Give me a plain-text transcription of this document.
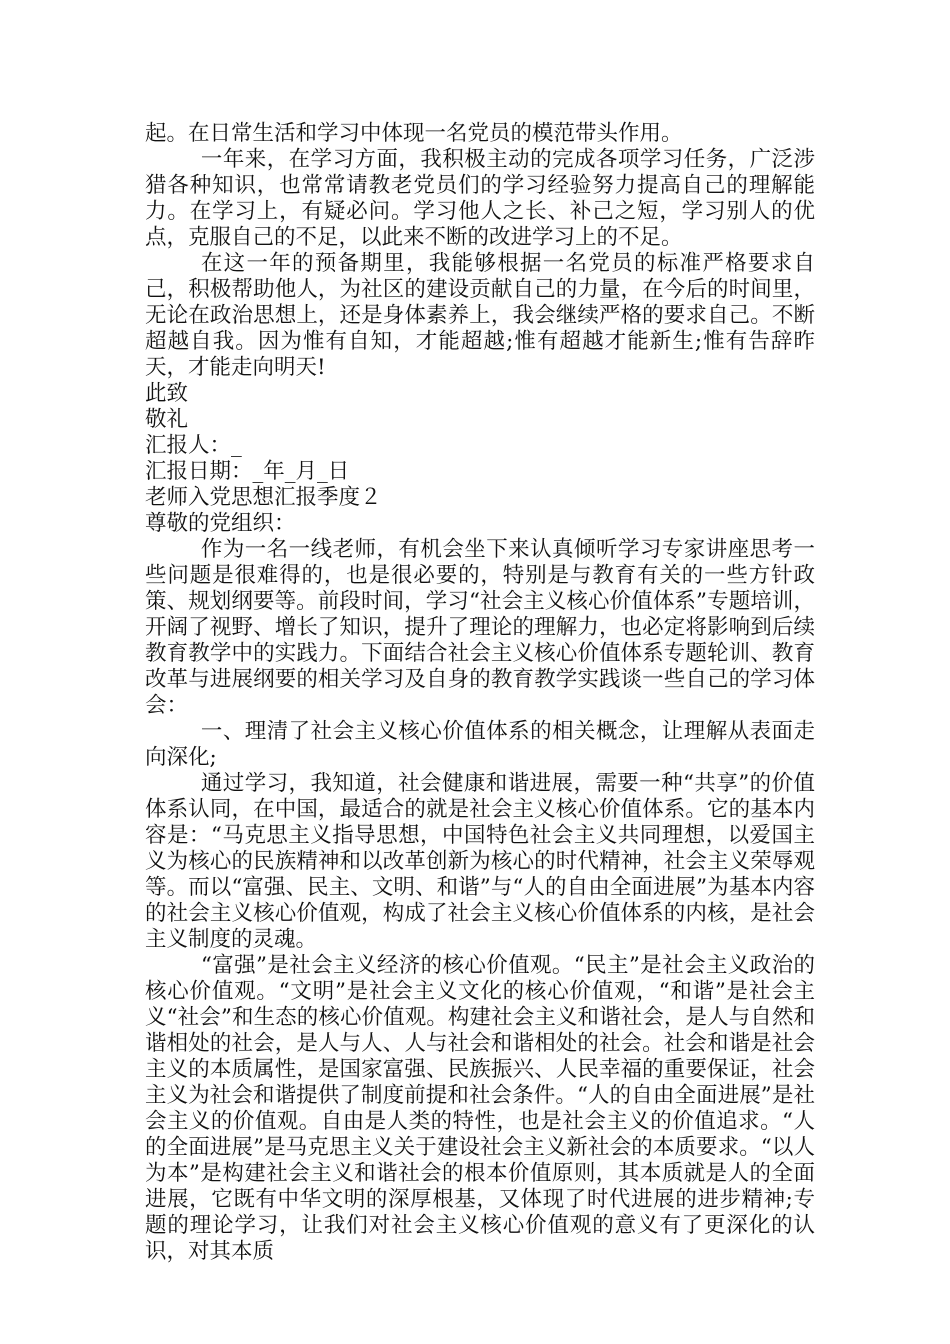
起。在日常生活和学习中体现一名党员的模范带头作用。

一年来，在学习方面，我积极主动的完成各项学习任务，广泛涉猎各种知识，也常常请教老党员们的学习经验努力提高自己的理解能力。在学习上，有疑必问。学习他人之长、补己之短，学习别人的优点，克服自己的不足，以此来不断的改进学习上的不足。

在这一年的预备期里，我能够根据一名党员的标准严格要求自己，积极帮助他人，为社区的建设贡献自己的力量，在今后的时间里，无论在政治思想上，还是身体素养上，我会继续严格的要求自己。不断超越自我。因为惟有自知，才能超越;惟有超越才能新生;惟有告辞昨天，才能走向明天!

此致

敬礼

汇报人：_

汇报日期：_年_月_日

老师入党思想汇报季度２

尊敬的党组织：

作为一名一线老师，有机会坐下来认真倾听学习专家讲座思考一些问题是很难得的，也是很必要的，特别是与教育有关的一些方针政策、规划纲要等。前段时间，学习“社会主义核心价值体系”专题培训，开阔了视野、增长了知识，提升了理论的理解力，也必定将影响到后续教育教学中的实践力。下面结合社会主义核心价值体系专题轮训、教育改革与进展纲要的相关学习及自身的教育教学实践谈一些自己的学习体会：

一、理清了社会主义核心价值体系的相关概念，让理解从表面走向深化;

通过学习，我知道，社会健康和谐进展，需要一种“共享”的价值体系认同，在中国，最适合的就是社会主义核心价值体系。它的基本内容是：“马克思主义指导思想，中国特色社会主义共同理想，以爱国主义为核心的民族精神和以改革创新为核心的时代精神，社会主义荣辱观等。而以“富强、民主、文明、和谐”与“人的自由全面进展”为基本内容的社会主义核心价值观，构成了社会主义核心价值体系的内核，是社会主义制度的灵魂。

“富强”是社会主义经济的核心价值观。“民主”是社会主义政治的核心价值观。“文明”是社会主义文化的核心价值观，“和谐”是社会主义“社会”和生态的核心价值观。构建社会主义和谐社会，是人与自然和谐相处的社会，是人与人、人与社会和谐相处的社会。社会和谐是社会主义的本质属性，是国家富强、民族振兴、人民幸福的重要保证，社会主义为社会和谐提供了制度前提和社会条件。“人的自由全面进展”是社会主义的价值观。自由是人类的特性，也是社会主义的价值追求。“人的全面进展”是马克思主义关于建设社会主义新社会的本质要求。“以人为本”是构建社会主义和谐社会的根本价值原则，其本质就是人的全面进展，它既有中华文明的深厚根基，又体现了时代进展的进步精神;专题的理论学习，让我们对社会主义核心价值观的意义有了更深化的认识，对其本质
